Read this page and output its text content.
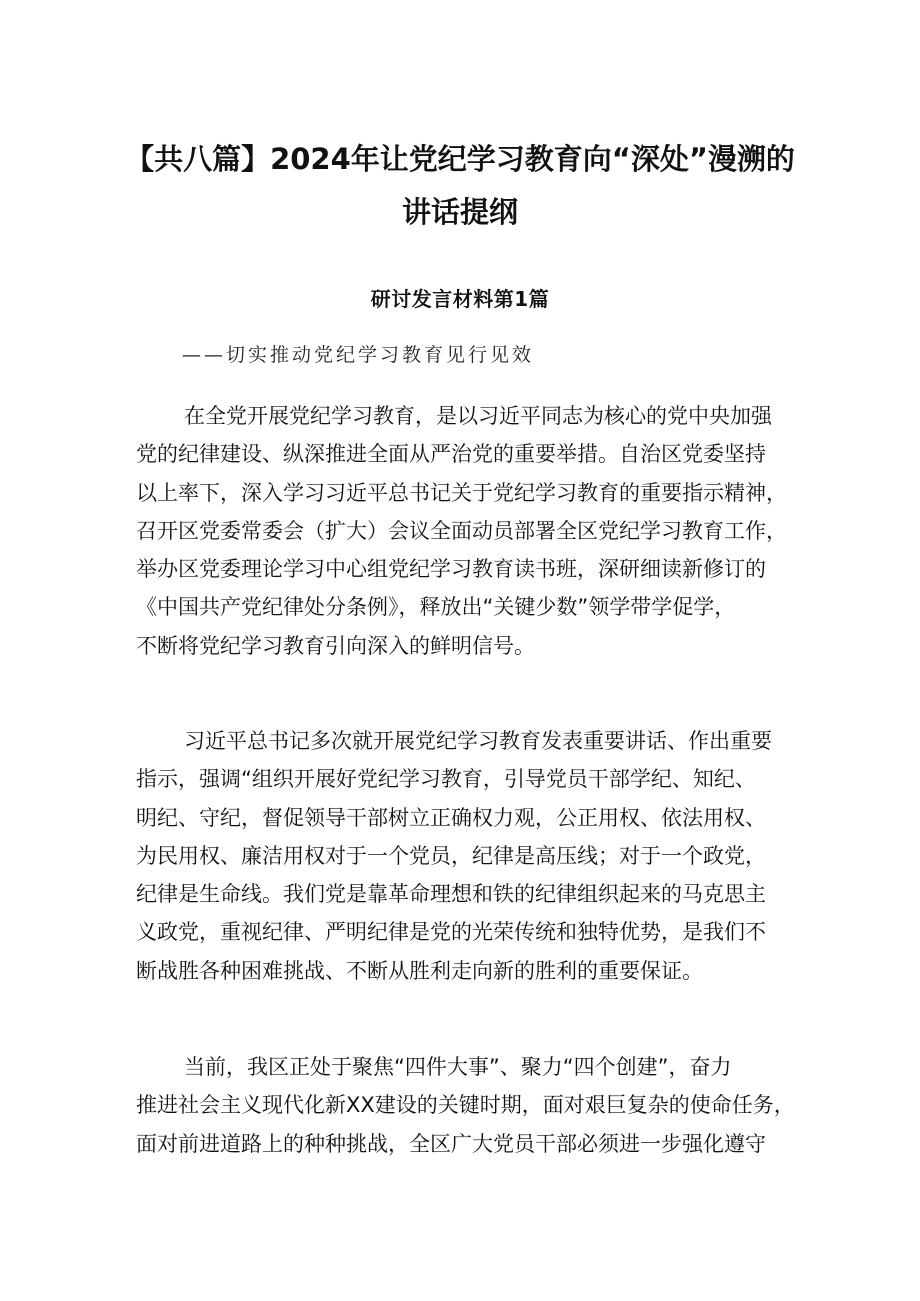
【共八篇】2024年让党纪学习教育向“深处”漫溯的
讲话提纲
研讨发言材料第1篇
——切实推动党纪学习教育见行见效
在全党开展党纪学习教育，是以习近平同志为核心的党中央加强
党的纪律建设、纵深推进全面从严治党的重要举措。自治区党委坚持
以上率下，深入学习习近平总书记关于党纪学习教育的重要指示精神，
召开区党委常委会（扩大）会议全面动员部署全区党纪学习教育工作，
举办区党委理论学习中心组党纪学习教育读书班，深研细读新修订的
《中国共产党纪律处分条例》，释放出“关键少数”领学带学促学，
不断将党纪学习教育引向深入的鲜明信号。
习近平总书记多次就开展党纪学习教育发表重要讲话、作出重要
指示，强调“组织开展好党纪学习教育，引导党员干部学纪、知纪、
明纪、守纪，督促领导干部树立正确权力观，公正用权、依法用权、
为民用权、廉洁用权对于一个党员，纪律是高压线；对于一个政党，
纪律是生命线。我们党是靠革命理想和铁的纪律组织起来的马克思主
义政党，重视纪律、严明纪律是党的光荣传统和独特优势，是我们不
断战胜各种困难挑战、不断从胜利走向新的胜利的重要保证。
当前，我区正处于聚焦“四件大事”、聚力“四个创建”，奋力
推进社会主义现代化新XX建设的关键时期，面对艰巨复杂的使命任务，
面对前进道路上的种种挑战，全区广大党员干部必须进一步强化遵守
